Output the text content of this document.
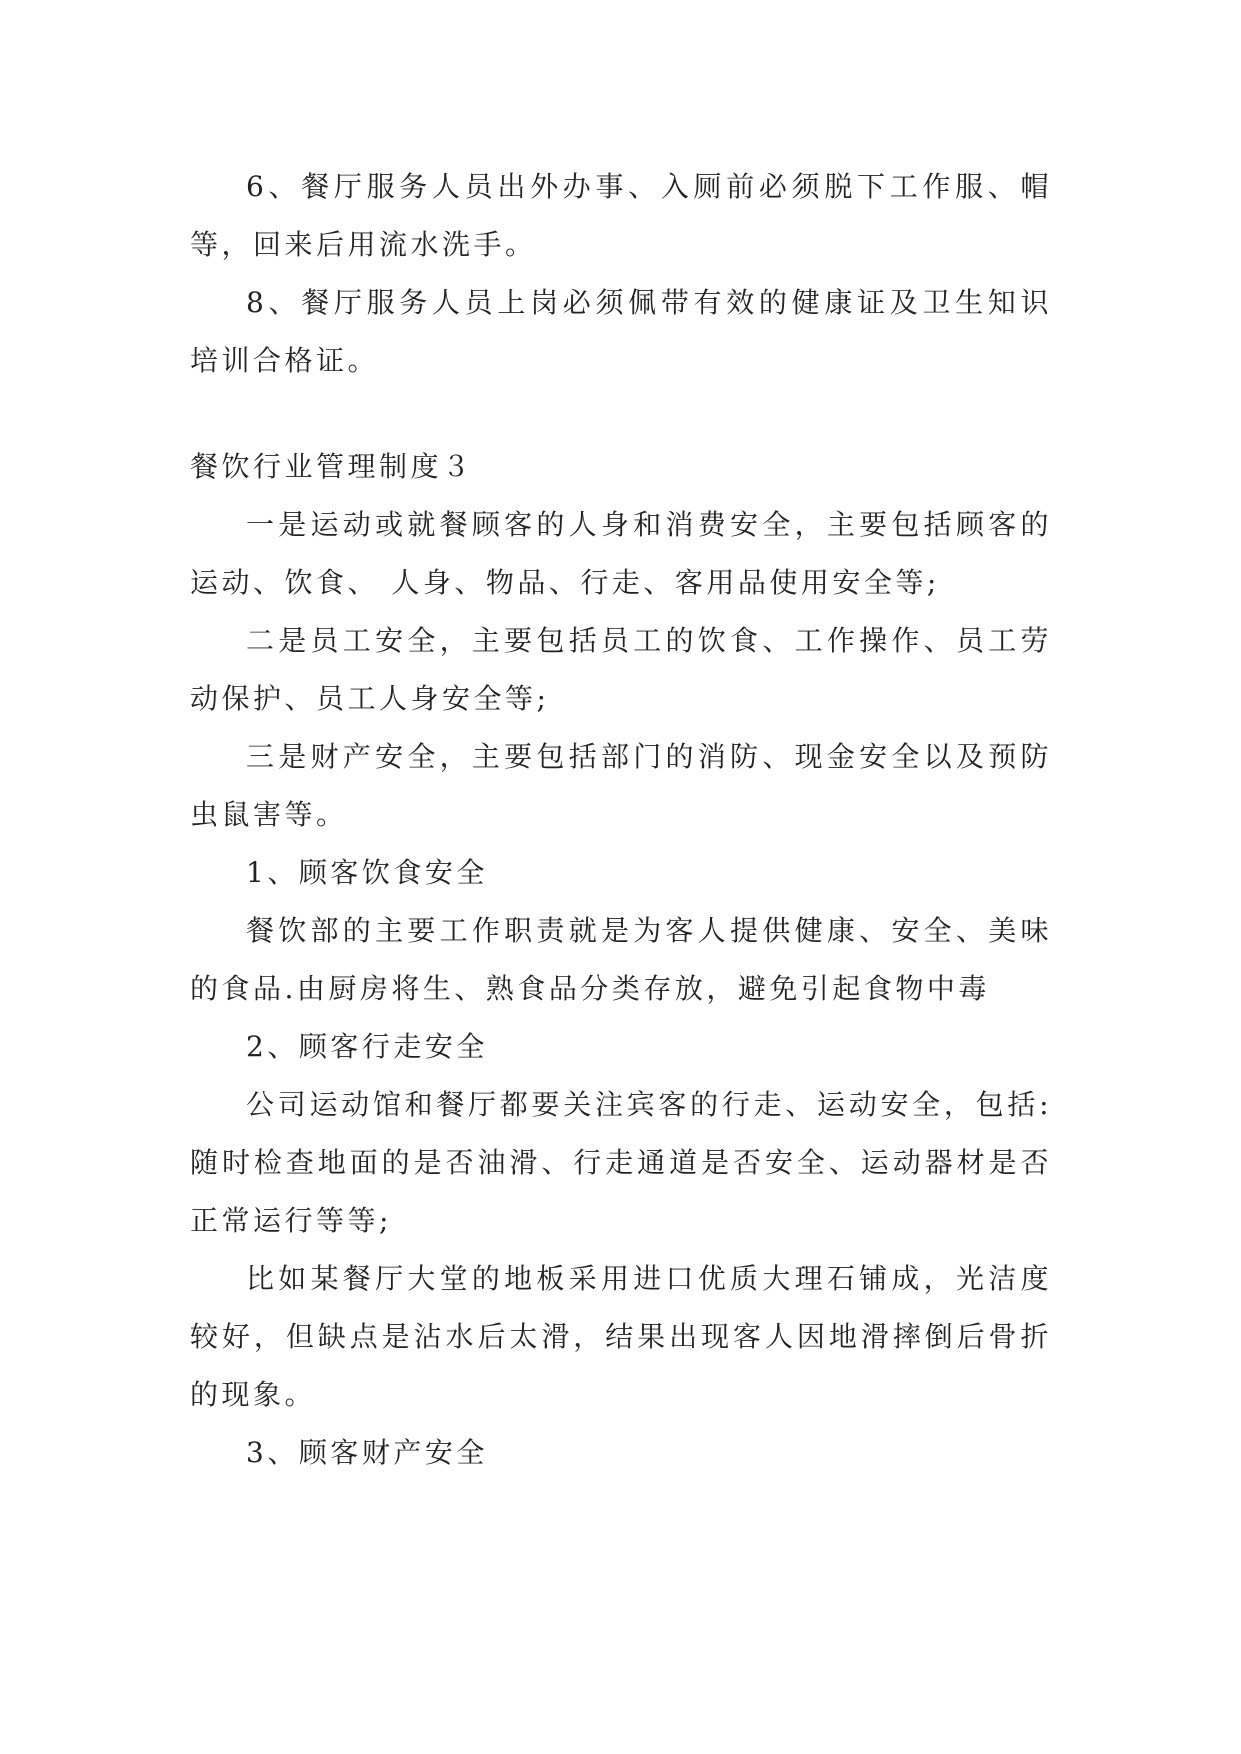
6、餐厅服务人员出外办事、入厕前必须脱下工作服、帽等，回来后用流水洗手。

8、餐厅服务人员上岗必须佩带有效的健康证及卫生知识培训合格证。

餐饮行业管理制度３

一是运动或就餐顾客的人身和消费安全，主要包括顾客的运动、饮食、 人身、物品、行走、客用品使用安全等;

二是员工安全，主要包括员工的饮食、工作操作、员工劳动保护、员工人身安全等;

三是财产安全，主要包括部门的消防、现金安全以及预防虫鼠害等。

1、顾客饮食安全

餐饮部的主要工作职责就是为客人提供健康、安全、美味的食品.由厨房将生、熟食品分类存放，避免引起食物中毒

2、顾客行走安全

公司运动馆和餐厅都要关注宾客的行走、运动安全，包括:随时检查地面的是否油滑、行走通道是否安全、运动器材是否正常运行等等;

比如某餐厅大堂的地板采用进口优质大理石铺成，光洁度较好，但缺点是沾水后太滑，结果出现客人因地滑摔倒后骨折的现象。

3、顾客财产安全
